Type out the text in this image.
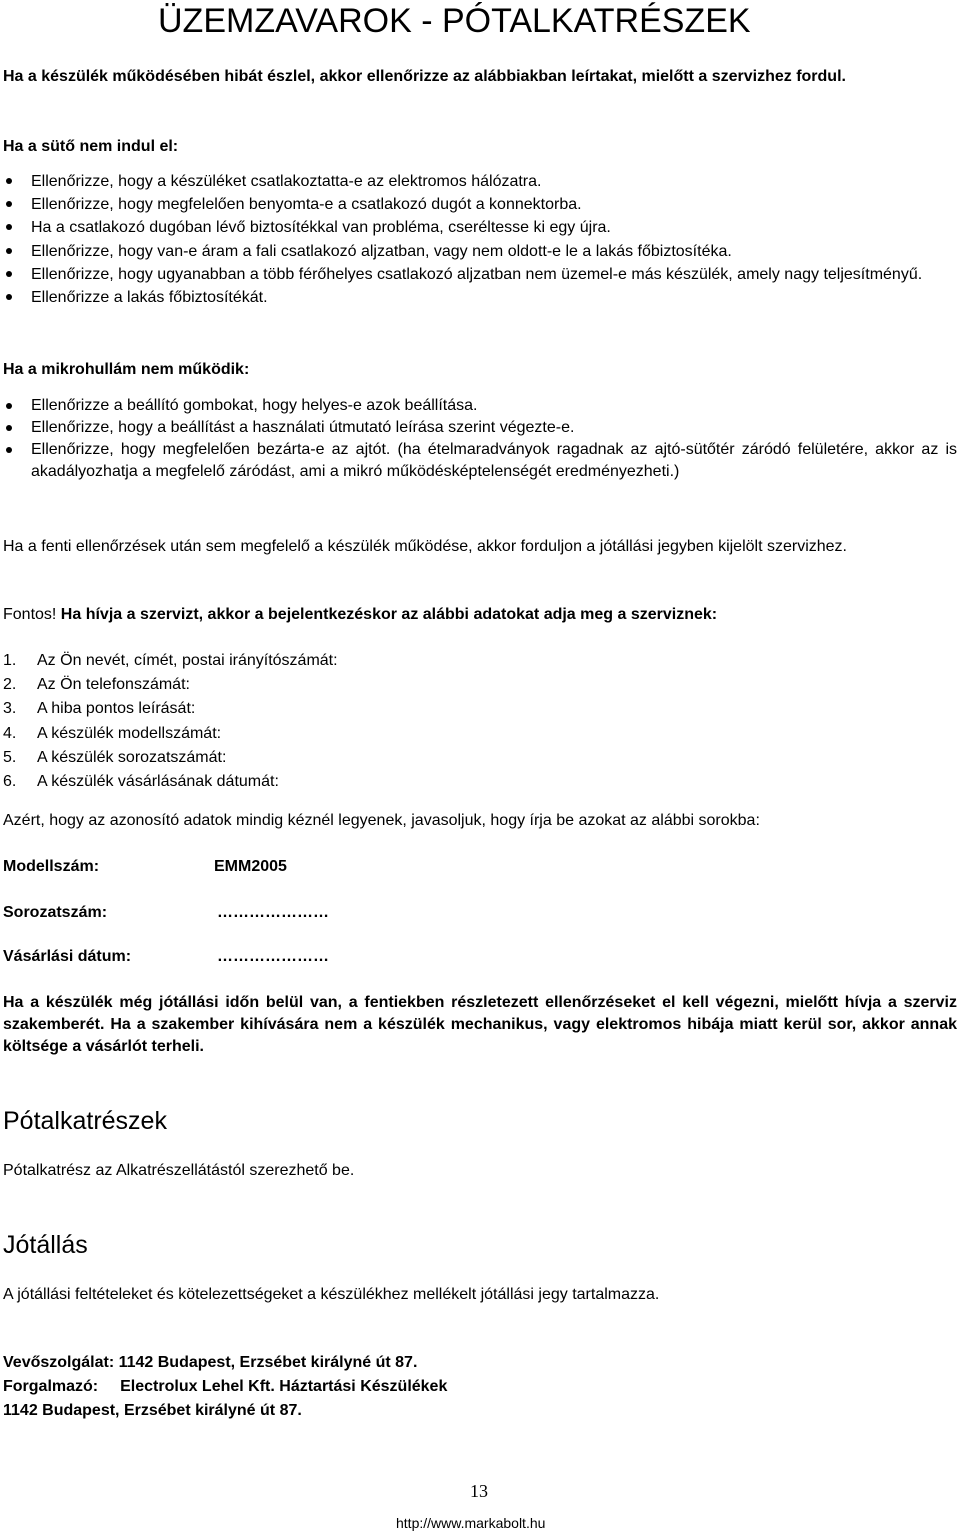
ÜZEMZAVAROK - PÓTALKATRÉSZEK

Ha a készülék működésében hibát észlel, akkor ellenőrizze az alábbiakban leírtakat, mielőtt a szervizhez fordul.

Ha a sütő nem indul el:

Ellenőrizze, hogy a készüléket csatlakoztatta-e az elektromos hálózatra.
Ellenőrizze, hogy megfelelően benyomta-e a csatlakozó dugót a konnektorba.
Ha a csatlakozó dugóban lévő biztosítékkal van probléma, cseréltesse ki egy újra.
Ellenőrizze, hogy van-e áram a fali csatlakozó aljzatban, vagy nem oldott-e le a lakás főbiztosítéka.
Ellenőrizze, hogy ugyanabban a több férőhelyes csatlakozó aljzatban nem üzemel-e más készülék, amely nagy teljesítményű.
Ellenőrizze a lakás főbiztosítékát.

Ha a mikrohullám nem működik:

Ellenőrizze a beállító gombokat, hogy helyes-e azok beállítása.
Ellenőrizze, hogy a beállítást a használati útmutató leírása szerint végezte-e.
Ellenőrizze, hogy megfelelően bezárta-e az ajtót. (ha ételmaradványok ragadnak az ajtó-sütőtér záródó felületére, akkor az is akadályozhatja a megfelelő záródást, ami a mikró működésképtelenségét eredményezheti.)

Ha a fenti ellenőrzések után sem megfelelő a készülék működése, akkor forduljon a jótállási jegyben kijelölt szervizhez.

Fontos! Ha hívja a szervizt, akkor a bejelentkezéskor az alábbi adatokat adja meg a szerviznek:

1. Az Ön nevét, címét, postai irányítószámát:
2. Az Ön telefonszámát:
3. A hiba pontos leírását:
4. A készülék modellszámát:
5. A készülék sorozatszámát:
6. A készülék vásárlásának dátumát:

Azért, hogy az azonosító adatok mindig kéznél legyenek, javasoljuk, hogy írja be azokat az alábbi sorokba:

Modellszám:	EMM2005
Sorozatszám:	…………………
Vásárlási dátum:	…………………

Ha a készülék még jótállási időn belül van, a fentiekben részletezett ellenőrzéseket el kell végezni, mielőtt hívja a szerviz szakemberét. Ha a szakember kihívására nem a készülék mechanikus, vagy elektromos hibája miatt kerül sor, akkor annak költsége a vásárlót terheli.

Pótalkatrészek

Pótalkatrész az Alkatrészellátástól szerezhető be.

Jótállás

A jótállási feltételeket és kötelezettségeket a készülékhez mellékelt jótállási jegy tartalmazza.

Vevőszolgálat: 1142 Budapest, Erzsébet királyné út 87.

Forgalmazó: Electrolux Lehel Kft. Háztartási Készülékek

1142 Budapest, Erzsébet királyné út 87.

13
http://www.markabolt.hu
